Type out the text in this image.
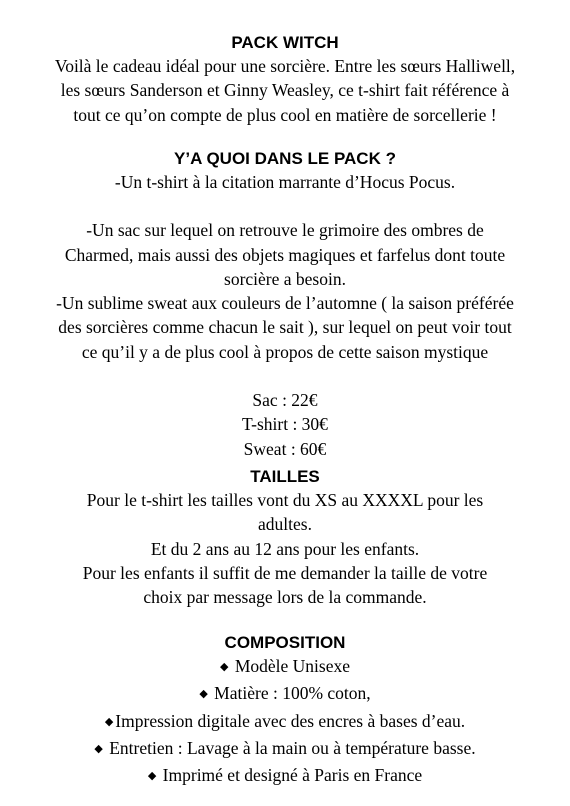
PACK WITCH

Voilà le cadeau idéal pour une sorcière. Entre les sœurs Halliwell,

les sœurs Sanderson et Ginny Weasley, ce t-shirt fait référence à

tout ce qu’on compte de plus cool en matière de sorcellerie !

Y’A QUOI DANS LE PACK ?

-Un t-shirt à la citation marrante d’Hocus Pocus.

-Un sac sur lequel on retrouve le grimoire des ombres de

Charmed, mais aussi des objets magiques et farfelus dont toute

sorcière a besoin.

-Un sublime sweat aux couleurs de l’automne ( la saison préférée

des sorcières comme chacun le sait ), sur lequel on peut voir tout

ce qu’il y a de plus cool à propos de cette saison mystique

Sac : 22€

T-shirt : 30€

Sweat : 60€

TAILLES

Pour le t-shirt les tailles vont du XS au XXXXL pour les

adultes.

Et du 2 ans au 12 ans pour les enfants.

Pour les enfants il suffit de me demander la taille de votre

choix par message lors de la commande.

COMPOSITION

◆ Modèle Unisexe

◆ Matière : 100% coton,

◆ Impression digitale avec des encres à bases d’eau.

◆ Entretien : Lavage à la main ou à température basse.

◆ Imprimé et designé à Paris en France
